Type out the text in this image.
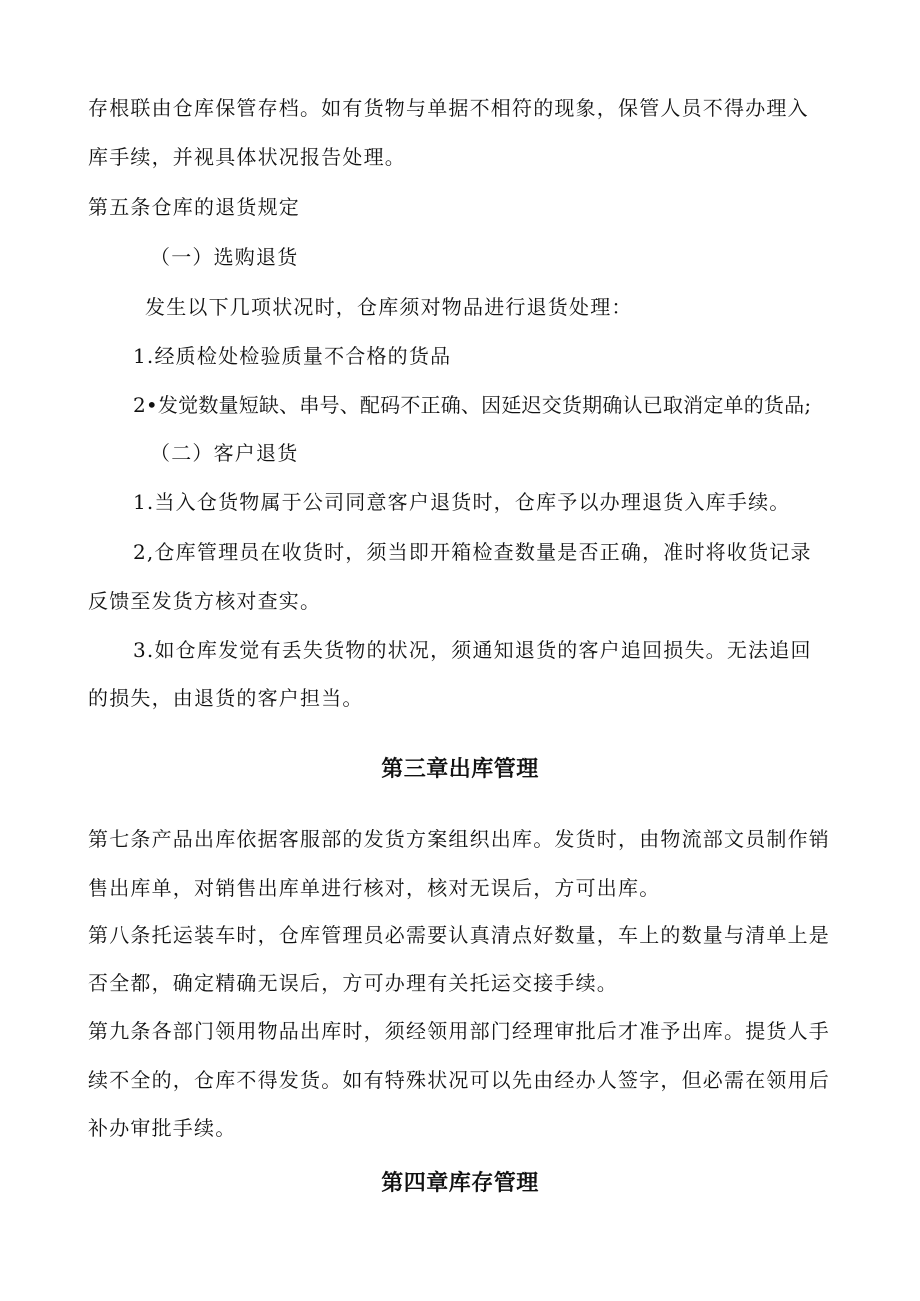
存根联由仓库保管存档。如有货物与单据不相符的现象，保管人员不得办理入
库手续，并视具体状况报告处理。
第五条仓库的退货规定
（一）选购退货
发生以下几项状况时，仓库须对物品进行退货处理：
1.经质检处检验质量不合格的货品
2•发觉数量短缺、串号、配码不正确、因延迟交货期确认已取消定单的货品;
（二）客户退货
1.当入仓货物属于公司同意客户退货时，仓库予以办理退货入库手续。
2,仓库管理员在收货时，须当即开箱检查数量是否正确，准时将收货记录
反馈至发货方核对查实。
3.如仓库发觉有丢失货物的状况，须通知退货的客户追回损失。无法追回
的损失，由退货的客户担当。
第三章出库管理
第七条产品出库依据客服部的发货方案组织出库。发货时，由物流部文员制作销
售出库单，对销售出库单进行核对，核对无误后，方可出库。
第八条托运装车时，仓库管理员必需要认真清点好数量，车上的数量与清单上是
否全都，确定精确无误后，方可办理有关托运交接手续。
第九条各部门领用物品出库时，须经领用部门经理审批后才准予出库。提货人手
续不全的，仓库不得发货。如有特殊状况可以先由经办人签字，但必需在领用后
补办审批手续。
第四章库存管理
